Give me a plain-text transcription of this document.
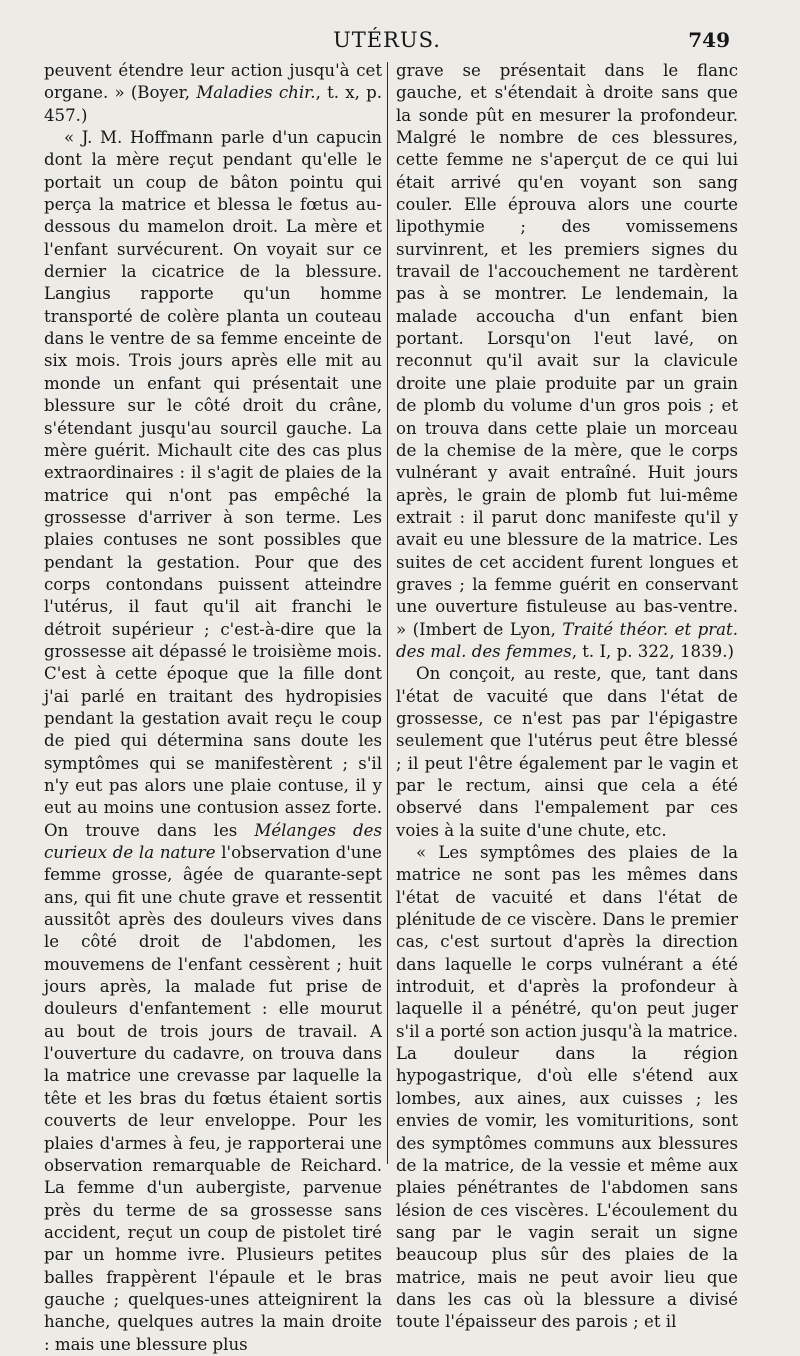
UTÉRUS.	749

peuvent étendre leur action jusqu'à cet organe. » (Boyer, Maladies chir., t. x, p. 457.)

« J. M. Hoffmann parle d'un capucin dont la mère reçut pendant qu'elle le portait un coup de bâton pointu qui perça la matrice et blessa le fœtus au-dessous du mamelon droit. La mère et l'enfant survécurent. On voyait sur ce dernier la cicatrice de la blessure. Langius rapporte qu'un homme transporté de colère planta un couteau dans le ventre de sa femme enceinte de six mois. Trois jours après elle mit au monde un enfant qui présentait une blessure sur le côté droit du crâne, s'étendant jusqu'au sourcil gauche. La mère guérit. Michault cite des cas plus extraordinaires : il s'agit de plaies de la matrice qui n'ont pas empêché la grossesse d'arriver à son terme. Les plaies contuses ne sont possibles que pendant la gestation. Pour que des corps contondans puissent atteindre l'utérus, il faut qu'il ait franchi le détroit supérieur ; c'est-à-dire que la grossesse ait dépassé le troisième mois. C'est à cette époque que la fille dont j'ai parlé en traitant des hydropisies pendant la gestation avait reçu le coup de pied qui détermina sans doute les symptômes qui se manifestèrent ; s'il n'y eut pas alors une plaie contuse, il y eut au moins une contusion assez forte. On trouve dans les Mélanges des curieux de la nature l'observation d'une femme grosse, âgée de quarante-sept ans, qui fit une chute grave et ressentit aussitôt après des douleurs vives dans le côté droit de l'abdomen, les mouvemens de l'enfant cessèrent ; huit jours après, la malade fut prise de douleurs d'enfantement : elle mourut au bout de trois jours de travail. A l'ouverture du cadavre, on trouva dans la matrice une crevasse par laquelle la tête et les bras du fœtus étaient sortis couverts de leur enveloppe. Pour les plaies d'armes à feu, je rapporterai une observation remarquable de Reichard. La femme d'un aubergiste, parvenue près du terme de sa grossesse sans accident, reçut un coup de pistolet tiré par un homme ivre. Plusieurs petites balles frappèrent l'épaule et le bras gauche ; quelques-unes atteignirent la hanche, quelques autres la main droite : mais une blessure plus

grave se présentait dans le flanc gauche, et s'étendait à droite sans que la sonde pût en mesurer la profondeur. Malgré le nombre de ces blessures, cette femme ne s'aperçut de ce qui lui était arrivé qu'en voyant son sang couler. Elle éprouva alors une courte lipothymie ; des vomissemens survinrent, et les premiers signes du travail de l'accouchement ne tardèrent pas à se montrer. Le lendemain, la malade accoucha d'un enfant bien portant. Lorsqu'on l'eut lavé, on reconnut qu'il avait sur la clavicule droite une plaie produite par un grain de plomb du volume d'un gros pois ; et on trouva dans cette plaie un morceau de la chemise de la mère, que le corps vulnérant y avait entraîné. Huit jours après, le grain de plomb fut lui-même extrait : il parut donc manifeste qu'il y avait eu une blessure de la matrice. Les suites de cet accident furent longues et graves ; la femme guérit en conservant une ouverture fistuleuse au bas-ventre. » (Imbert de Lyon, Traité théor. et prat. des mal. des femmes, t. I, p. 322, 1839.)

On conçoit, au reste, que, tant dans l'état de vacuité que dans l'état de grossesse, ce n'est pas par l'épigastre seulement que l'utérus peut être blessé ; il peut l'être également par le vagin et par le rectum, ainsi que cela a été observé dans l'empalement par ces voies à la suite d'une chute, etc.

« Les symptômes des plaies de la matrice ne sont pas les mêmes dans l'état de vacuité et dans l'état de plénitude de ce viscère. Dans le premier cas, c'est surtout d'après la direction dans laquelle le corps vulnérant a été introduit, et d'après la profondeur à laquelle il a pénétré, qu'on peut juger s'il a porté son action jusqu'à la matrice. La douleur dans la région hypogastrique, d'où elle s'étend aux lombes, aux aines, aux cuisses ; les envies de vomir, les vomituritions, sont des symptômes communs aux blessures de la matrice, de la vessie et même aux plaies pénétrantes de l'abdomen sans lésion de ces viscères. L'écoulement du sang par le vagin serait un signe beaucoup plus sûr des plaies de la matrice, mais ne peut avoir lieu que dans les cas où la blessure a divisé toute l'épaisseur des parois ; et il
